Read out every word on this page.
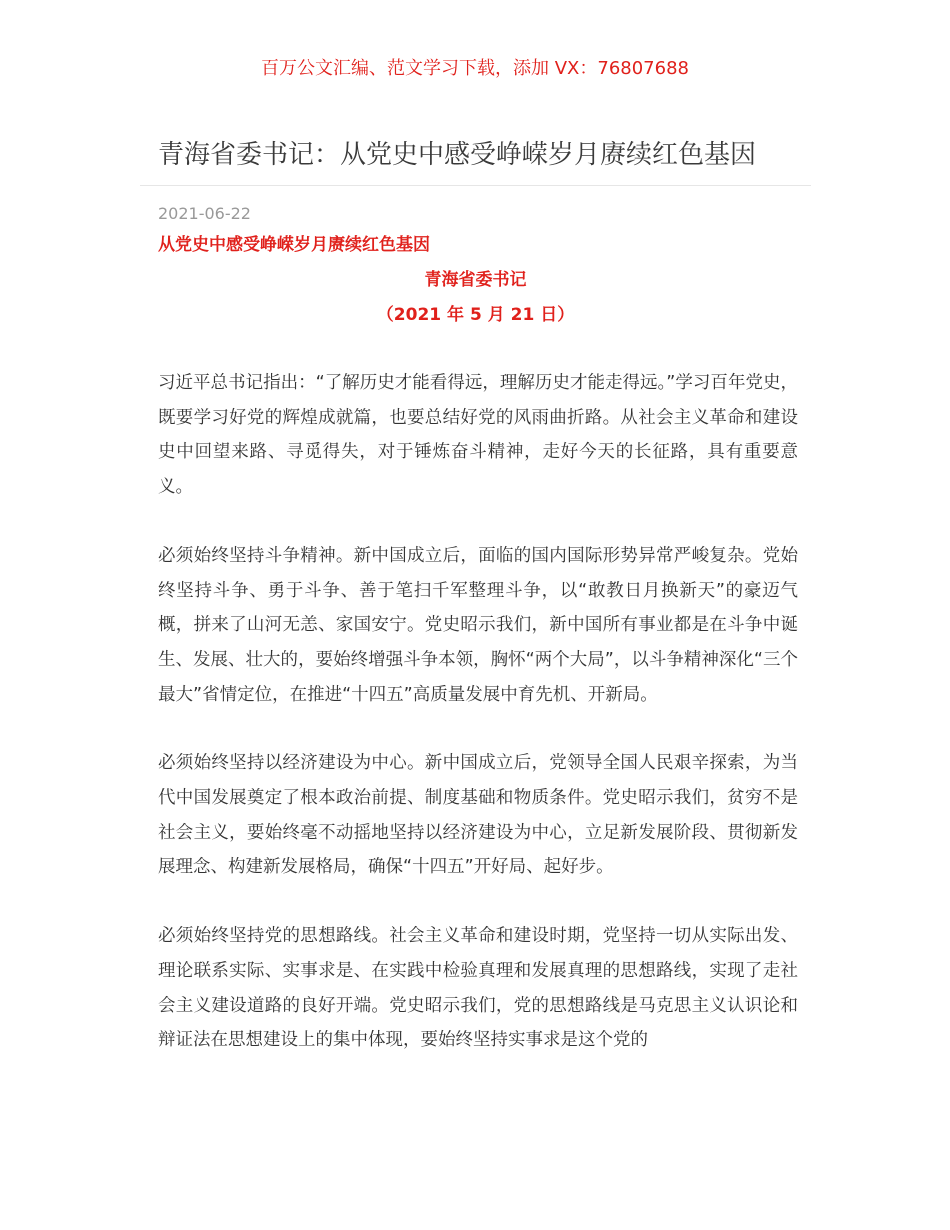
百万公文汇编、范文学习下载，添加 VX：76807688
青海省委书记：从党史中感受峥嵘岁月赓续红色基因
2021-06-22
从党史中感受峥嵘岁月赓续红色基因
青海省委书记
（2021 年 5 月 21 日）

习近平总书记指出：“了解历史才能看得远，理解历史才能走得远。”学习百年党史，既要学习好党的辉煌成就篇，也要总结好党的风雨曲折路。从社会主义革命和建设史中回望来路、寻觅得失，对于锤炼奋斗精神，走好今天的长征路，具有重要意义。

必须始终坚持斗争精神。新中国成立后，面临的国内国际形势异常严峻复杂。党始终坚持斗争、勇于斗争、善于笔扫千军整理斗争，以“敢教日月换新天”的豪迈气概，拼来了山河无恙、家国安宁。党史昭示我们，新中国所有事业都是在斗争中诞生、发展、壮大的，要始终增强斗争本领，胸怀“两个大局”，以斗争精神深化“三个最大”省情定位，在推进“十四五”高质量发展中育先机、开新局。

必须始终坚持以经济建设为中心。新中国成立后，党领导全国人民艰辛探索，为当代中国发展奠定了根本政治前提、制度基础和物质条件。党史昭示我们，贫穷不是社会主义，要始终毫不动摇地坚持以经济建设为中心，立足新发展阶段、贯彻新发展理念、构建新发展格局，确保“十四五”开好局、起好步。

必须始终坚持党的思想路线。社会主义革命和建设时期，党坚持一切从实际出发、理论联系实际、实事求是、在实践中检验真理和发展真理的思想路线，实现了走社会主义建设道路的良好开端。党史昭示我们，党的思想路线是马克思主义认识论和辩证法在思想建设上的集中体现，要始终坚持实事求是这个党的
